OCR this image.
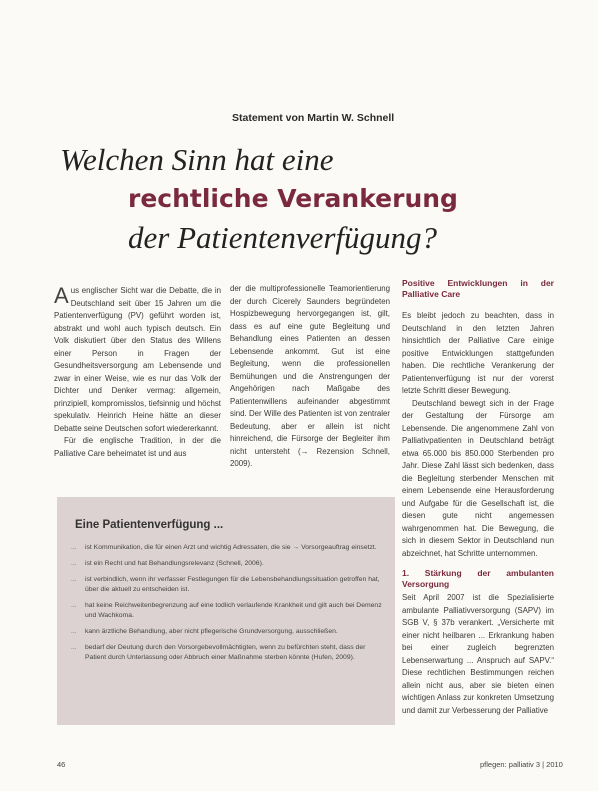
Statement von Martin W. Schnell
Welchen Sinn hat eine
rechtliche Verankerung
der Patientenverfügung?

Aus englischer Sicht war die Debatte, die in Deutschland seit über 15 Jahren um die Patientenverfügung (PV) geführt worden ist, abstrakt und wohl auch typisch deutsch. Ein Volk diskutiert über den Status des Willens einer Person in Fragen der Gesundheitsversorgung am Lebensende und zwar in einer Weise, wie es nur das Volk der Dichter und Denker vermag: allgemein, prinzipiell, kompromisslos, tiefsinnig und höchst spekulativ. Heinrich Heine hätte an dieser Debatte seine Deutschen sofort wiedererkannt.

Für die englische Tradition, in der die Palliative Care beheimatet ist und aus

der die multiprofessionelle Teamorientierung der durch Cicerely Saunders begründeten Hospizbewegung hervorgegangen ist, gilt, dass es auf eine gute Begleitung und Behandlung eines Patienten an dessen Lebensende ankommt. Gut ist eine Begleitung, wenn die professionellen Bemühungen und die Anstrengungen der Angehörigen nach Maßgabe des Patientenwillens aufeinander abgestimmt sind. Der Wille des Patienten ist von zentraler Bedeutung, aber er allein ist nicht hinreichend, die Fürsorge der Begleiter ihm nicht untersteht (→ Rezension Schnell, 2009).

Positive Entwicklungen in der Palliative Care

Es bleibt jedoch zu beachten, dass in Deutschland in den letzten Jahren hinsichtlich der Palliative Care einige positive Entwicklungen stattgefunden haben. Die rechtliche Verankerung der Patientenverfügung ist nur der vorerst letzte Schritt dieser Bewegung.

Deutschland bewegt sich in der Frage der Gestaltung der Fürsorge am Lebensende. Die angenommene Zahl von Palliativpatienten in Deutschland beträgt etwa 65.000 bis 850.000 Sterbenden pro Jahr. Diese Zahl lässt sich bedenken, dass die Begleitung sterbender Menschen mit einem Lebensende eine Herausforderung und Aufgabe für die Gesellschaft ist, die diesen gute nicht angemessen wahrgenommen hat. Die Bewegung, die sich in diesem Sektor in Deutschland nun abzeichnet, hat Schritte unternommen.

1. Stärkung der ambulanten Versorgung

Seit April 2007 ist die Spezialisierte ambulante Palliativversorgung (SAPV) im SGB V, § 37b verankert. „Versicherte mit einer nicht heilbaren ... Erkrankung haben bei einer zugleich begrenzten Lebenserwartung ... Anspruch auf SAPV.“ Diese rechtlichen Bestimmungen reichen allein nicht aus, aber sie bieten einen wichtigen Anlass zur konkreten Umsetzung und damit zur Verbesserung der Palliative

Eine Patientenverfügung ...
... ist Kommunikation, die für einen Arzt und wichtig Adressaten, die sie → Vorsorgeauftrag einsetzt.
... ist ein Recht und hat Behandlungsrelevanz (Schnell, 2006).
... ist verbindlich, wenn ihr verfasser Festlegungen für die Lebensbehandlungssituation getroffen hat, über die aktuell zu entscheiden ist.
... hat keine Reichweitenbegrenzung auf eine todlich verlaufende Krankheit und gilt auch bei Demenz und Wachkoma.
... kann ärztliche Behandlung, aber nicht pflegerische Grundversorgung, ausschließen.
... bedarf der Deutung durch den Vorsorgebevollmächtigten, wenn zu befürchten steht, dass der Patient durch Unterlassung oder Abbruch einer Maßnahme sterben könnte (Hufen, 2009).
46	pflegen: palliativ 3 | 2010
